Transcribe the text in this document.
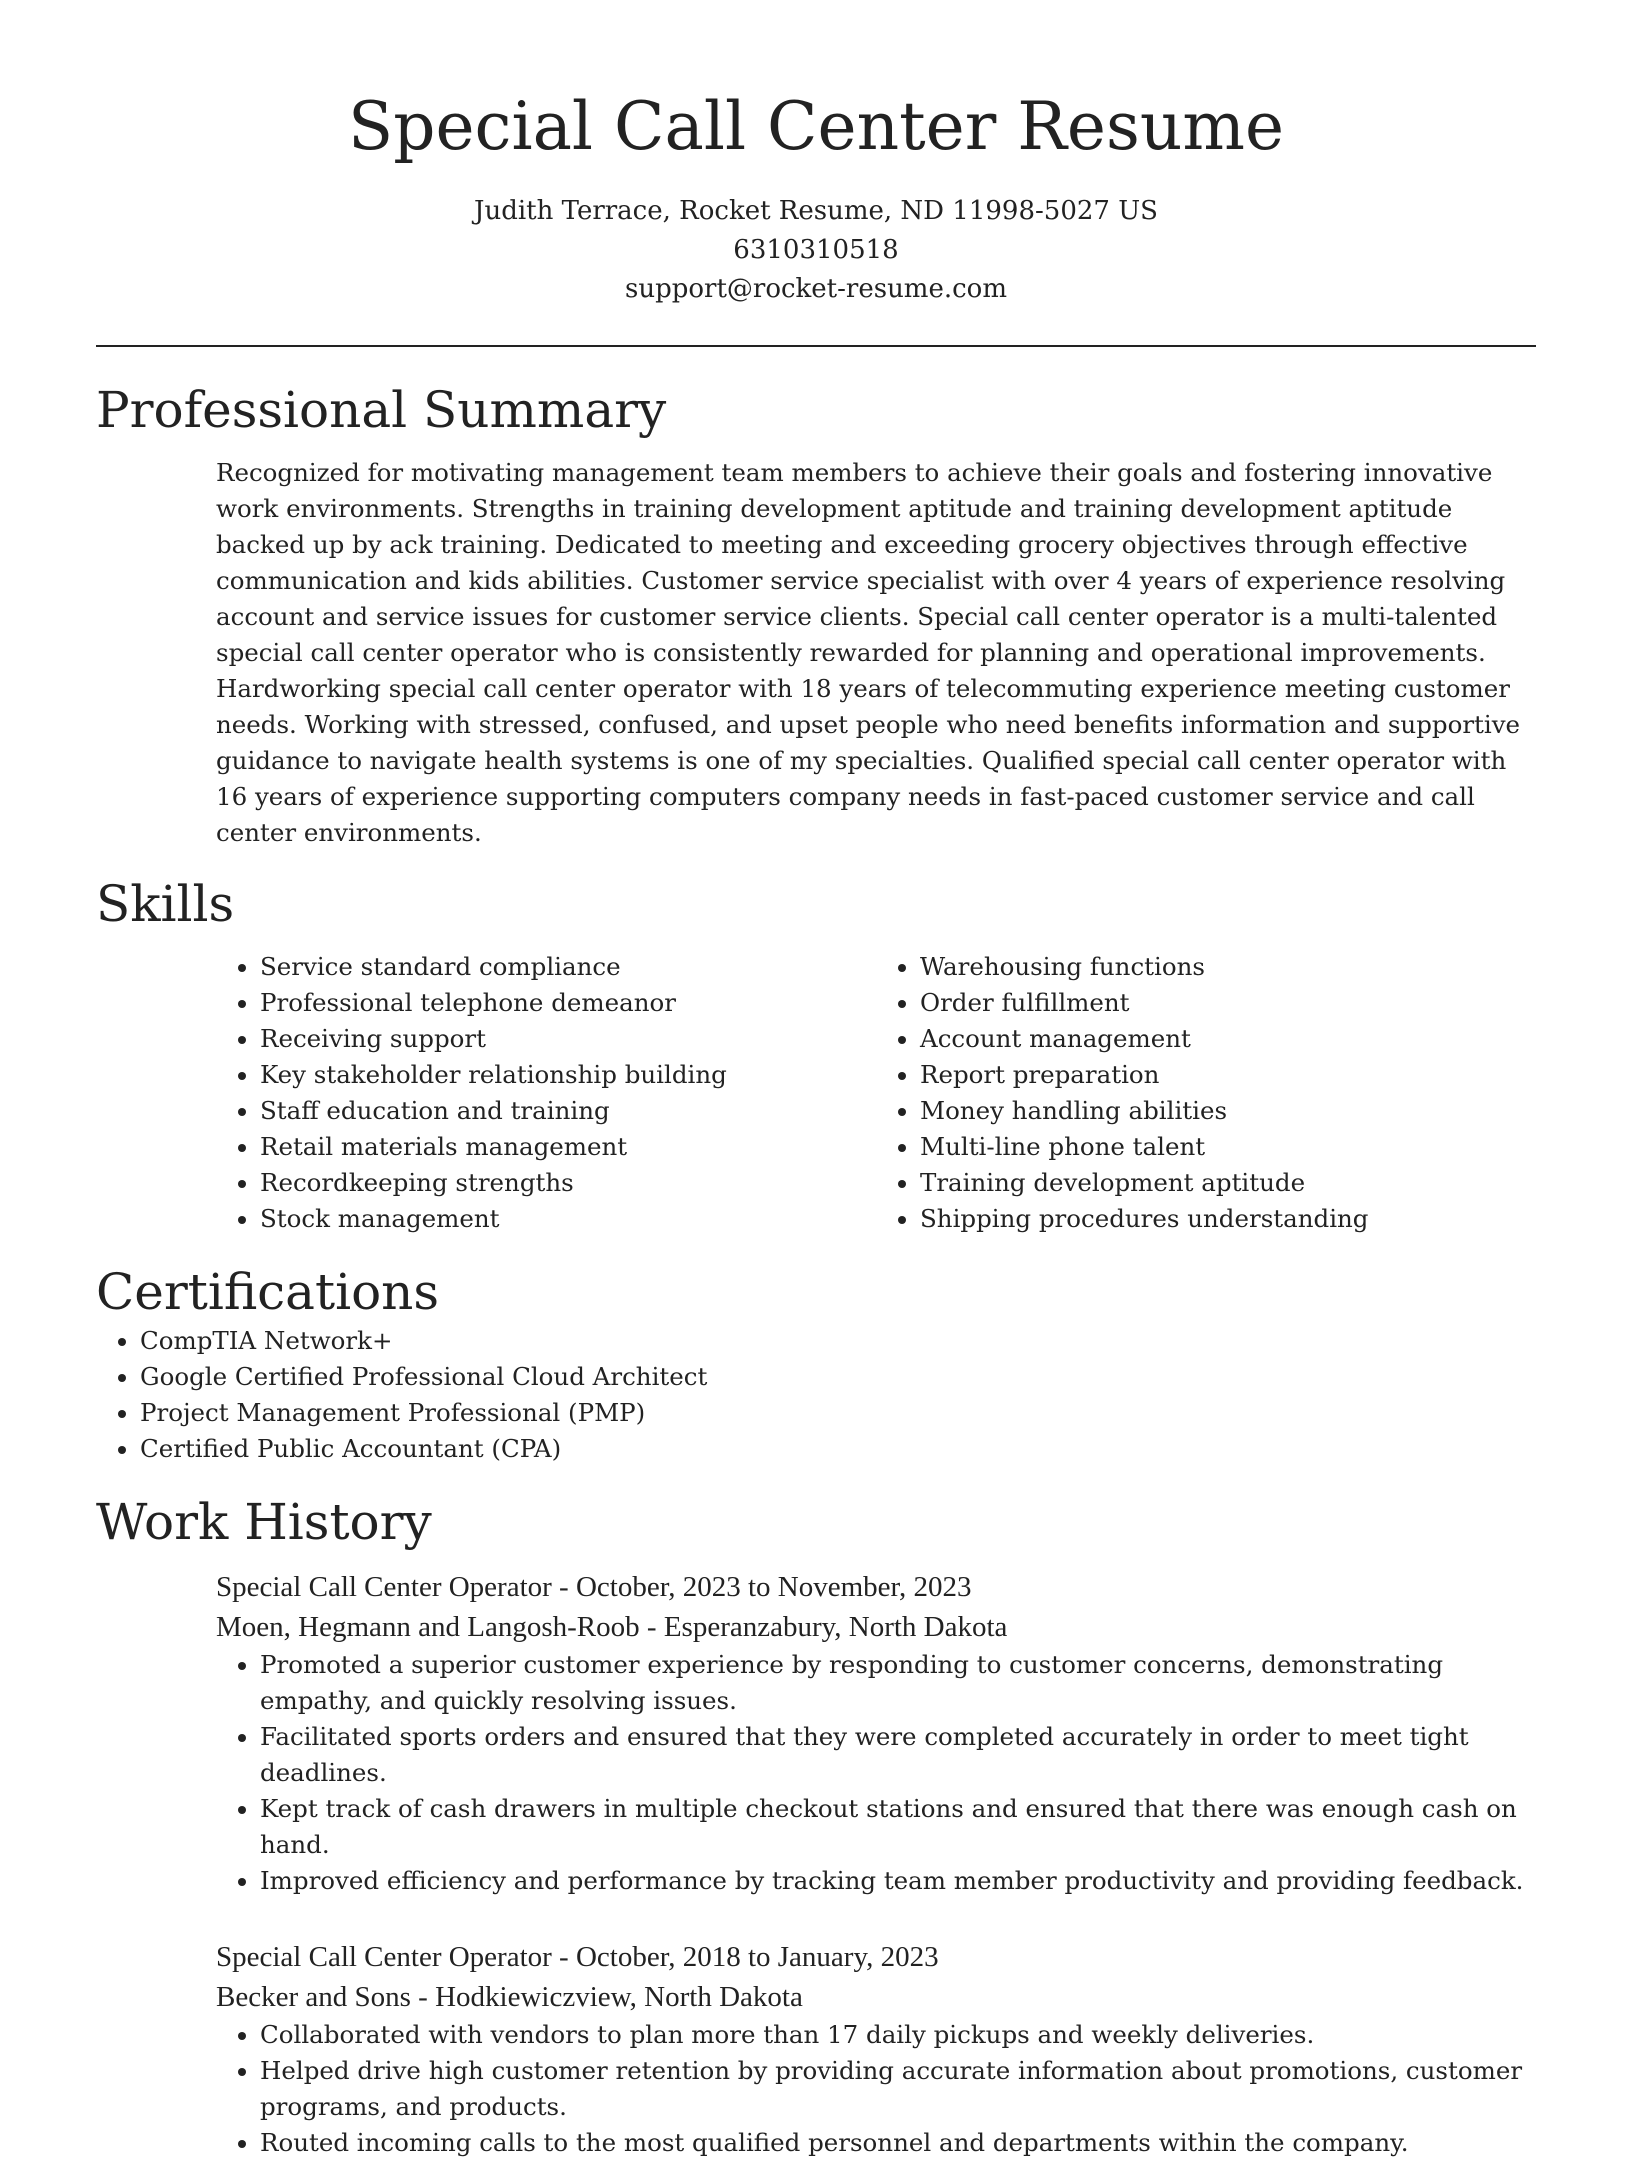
Special Call Center Resume
Judith Terrace, Rocket Resume, ND 11998-5027 US
6310310518
support@rocket-resume.com
Professional Summary

Recognized for motivating management team members to achieve their goals and fostering innovative work environments. Strengths in training development aptitude and training development aptitude backed up by ack training. Dedicated to meeting and exceeding grocery objectives through effective communication and kids abilities. Customer service specialist with over 4 years of experience resolving account and service issues for customer service clients. Special call center operator is a multi-talented special call center operator who is consistently rewarded for planning and operational improvements. Hardworking special call center operator with 18 years of telecommuting experience meeting customer needs. Working with stressed, confused, and upset people who need benefits information and supportive guidance to navigate health systems is one of my specialties. Qualified special call center operator with 16 years of experience supporting computers company needs in fast-paced customer service and call center environments.

Skills
• Service standard compliance
• Professional telephone demeanor
• Receiving support
• Key stakeholder relationship building
• Staff education and training
• Retail materials management
• Recordkeeping strengths
• Stock management
• Warehousing functions
• Order fulfillment
• Account management
• Report preparation
• Money handling abilities
• Multi-line phone talent
• Training development aptitude
• Shipping procedures understanding
Certifications
• CompTIA Network+
• Google Certified Professional Cloud Architect
• Project Management Professional (PMP)
• Certified Public Accountant (CPA)
Work History
Special Call Center Operator - October, 2023 to November, 2023
Moen, Hegmann and Langosh-Roob - Esperanzabury, North Dakota
• Promoted a superior customer experience by responding to customer concerns, demonstrating empathy, and quickly resolving issues.
• Facilitated sports orders and ensured that they were completed accurately in order to meet tight deadlines.
• Kept track of cash drawers in multiple checkout stations and ensured that there was enough cash on hand.
• Improved efficiency and performance by tracking team member productivity and providing feedback.
Special Call Center Operator - October, 2018 to January, 2023
Becker and Sons - Hodkiewiczview, North Dakota
• Collaborated with vendors to plan more than 17 daily pickups and weekly deliveries.
• Helped drive high customer retention by providing accurate information about promotions, customer programs, and products.
• Routed incoming calls to the most qualified personnel and departments within the company.
